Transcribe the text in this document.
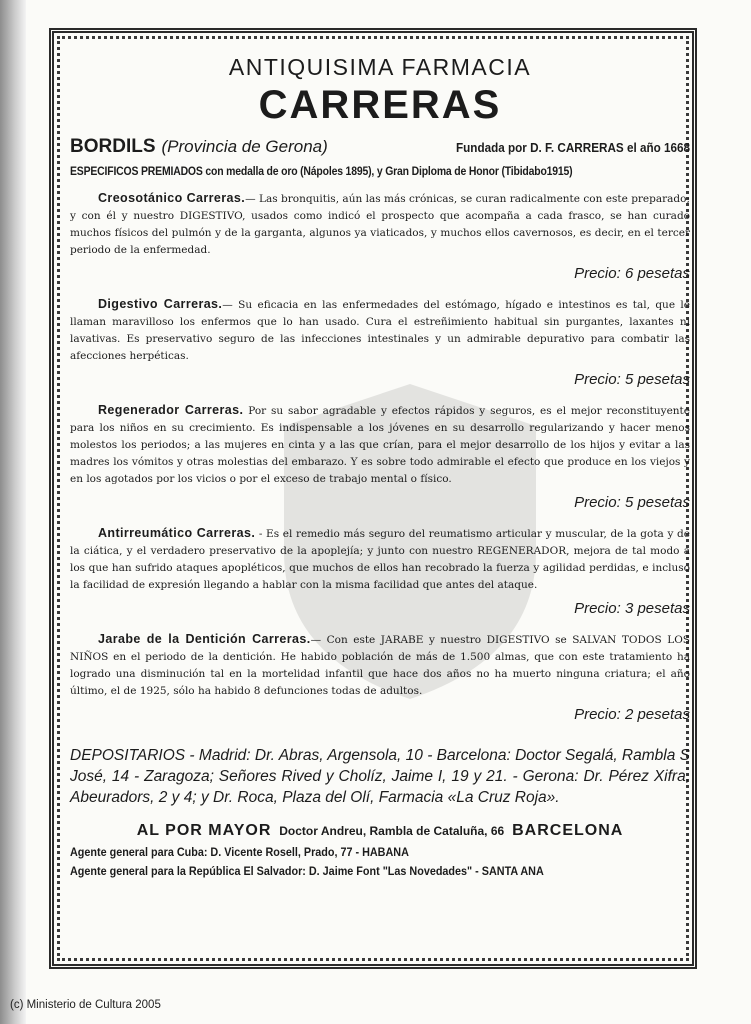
ANTIQUISIMA FARMACIA
CARRERAS
BORDILS (Provincia de Gerona)	Fundada por D. F. CARRERAS el año 1668
ESPECIFICOS PREMIADOS con medalla de oro (Nápoles 1895), y Gran Diploma de Honor (Tibidabo1915)

Creosotánico Carreras.— Las bronquitis, aún las más crónicas, se curan radicalmente con este preparado; y con él y nuestro DIGESTIVO, usados como indicó el prospecto que acompaña a cada frasco, se han curado muchos físicos del pulmón y de la garganta, algunos ya viaticados, y muchos ellos cavernosos, es decir, en el tercer periodo de la enfermedad.

Precio: 6 pesetas

Digestivo Carreras.— Su eficacia en las enfermedades del estómago, hígado e intestinos es tal, que le llaman maravilloso los enfermos que lo han usado. Cura el estreñimiento habitual sin purgantes, laxantes ni lavativas. Es preservativo seguro de las infecciones intestinales y un admirable depurativo para combatir las afecciones herpéticas.

Precio: 5 pesetas

Regenerador Carreras. Por su sabor agradable y efectos rápidos y seguros, es el mejor reconstituyente para los niños en su crecimiento. Es indispensable a los jóvenes en su desarrollo regularizando y hacer menos molestos los periodos; a las mujeres en cinta y a las que crían, para el mejor desarrollo de los hijos y evitar a las madres los vómitos y otras molestias del embarazo. Y es sobre todo admirable el efecto que produce en los viejos y en los agotados por los vicios o por el exceso de trabajo mental o físico.

Precio: 5 pesetas

Antirreumático Carreras. - Es el remedio más seguro del reumatismo articular y muscular, de la gota y de la ciática, y el verdadero preservativo de la apoplejía; y junto con nuestro REGENERADOR, mejora de tal modo a los que han sufrido ataques apopléticos, que muchos de ellos han recobrado la fuerza y agilidad perdidas, e incluso la facilidad de expresión llegando a hablar con la misma facilidad que antes del ataque.

Precio: 3 pesetas

Jarabe de la Dentición Carreras.— Con este JARABE y nuestro DIGESTIVO se SALVAN TODOS LOS NIÑOS en el periodo de la dentición. He habido población de más de 1.500 almas, que con este tratamiento ha logrado una disminución tal en la mortelidad infantil que hace dos años no ha muerto ninguna criatura; el año último, el de 1925, sólo ha habido 8 defunciones todas de adultos.

Precio: 2 pesetas
DEPOSITARIOS - Madrid: Dr. Abras, Argensola, 10 - Barcelona: Doctor Segalá, Rambla S José, 14 - Zaragoza; Señores Rived y Cholíz, Jaime I, 19 y 21. - Gerona: Dr. Pérez Xifra, Abeuradors, 2 y 4; y Dr. Roca, Plaza del Olí, Farmacia «La Cruz Roja».
AL POR MAYOR Doctor Andreu, Rambla de Cataluña, 66 BARCELONA
Agente general para Cuba: D. Vicente Rosell, Prado, 77 - HABANA
Agente general para la República El Salvador: D. Jaime Font "Las Novedades" - SANTA ANA
(c) Ministerio de Cultura 2005
